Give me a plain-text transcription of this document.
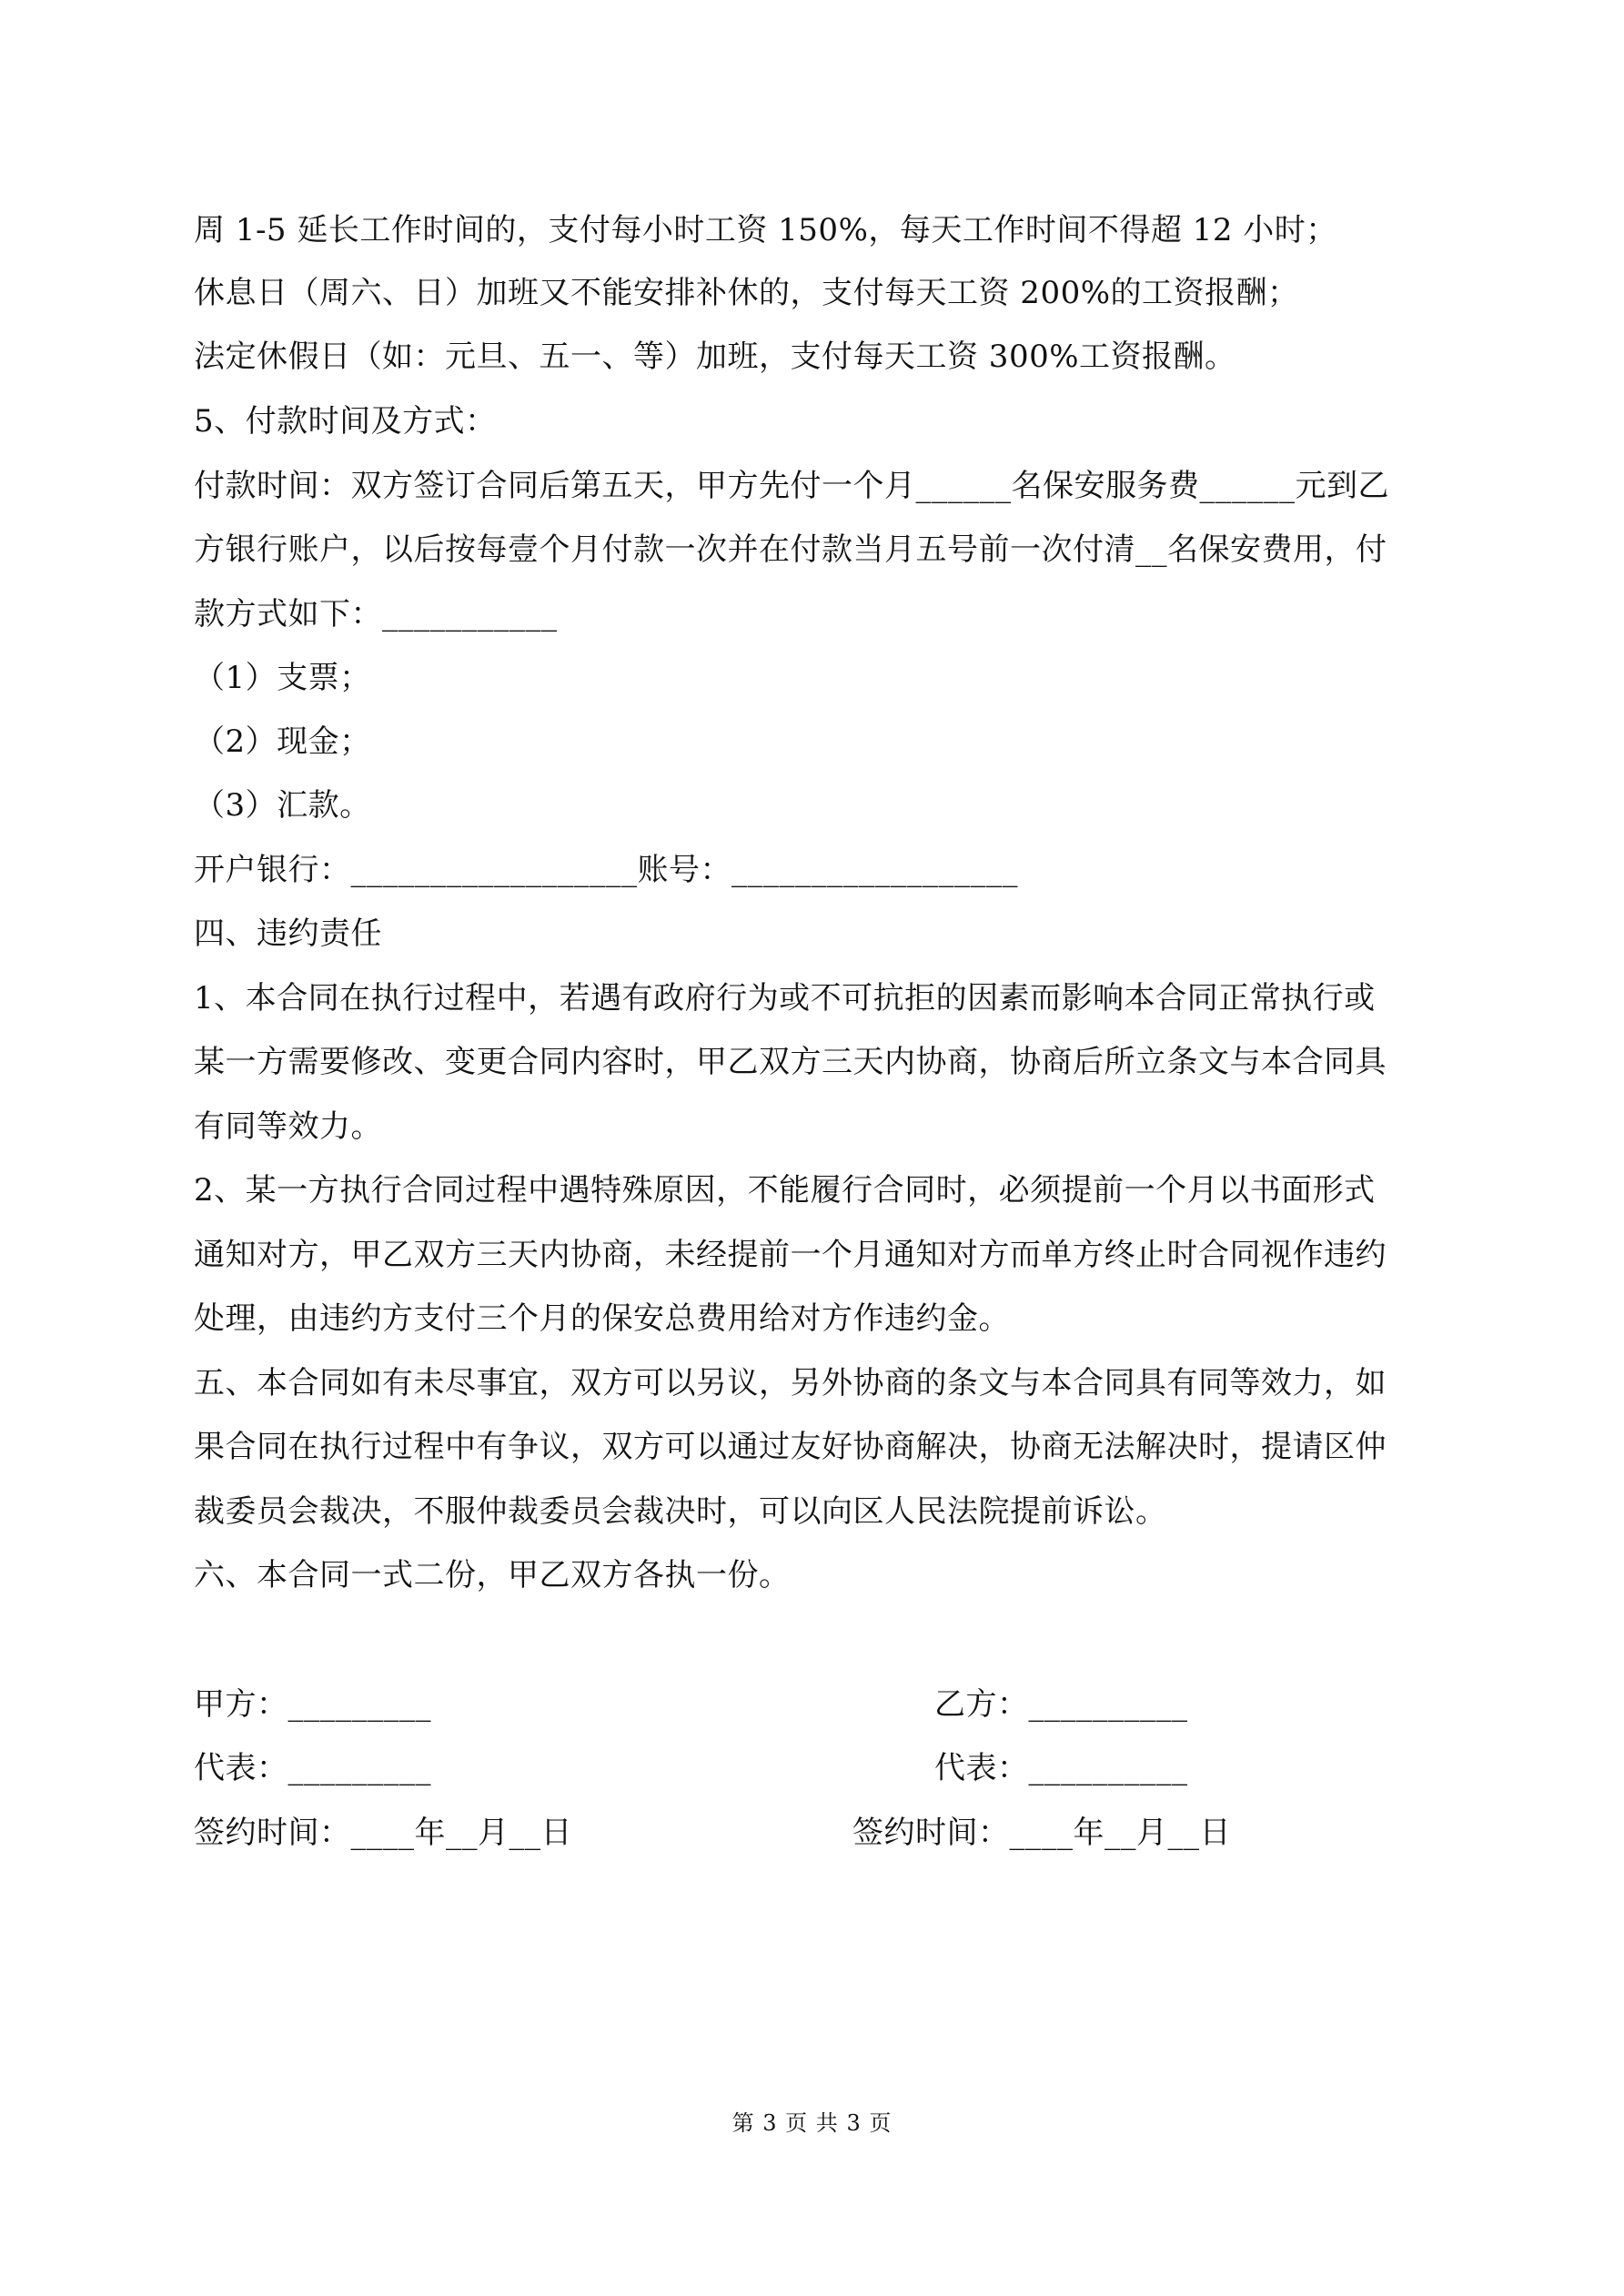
周 1-5 延长工作时间的，支付每小时工资 150%，每天工作时间不得超 12 小时；
休息日（周六、日）加班又不能安排补休的，支付每天工资 200%的工资报酬；
法定休假日（如：元旦、五一、等）加班，支付每天工资 300%工资报酬。
5、付款时间及方式：
付款时间：双方签订合同后第五天，甲方先付一个月______名保安服务费______元到乙
方银行账户，以后按每壹个月付款一次并在付款当月五号前一次付清__名保安费用，付
款方式如下：___________
（1）支票；
（2）现金；
（3）汇款。
开户银行：__________________账号：__________________
四、违约责任
1、本合同在执行过程中，若遇有政府行为或不可抗拒的因素而影响本合同正常执行或
某一方需要修改、变更合同内容时，甲乙双方三天内协商，协商后所立条文与本合同具
有同等效力。
2、某一方执行合同过程中遇特殊原因，不能履行合同时，必须提前一个月以书面形式
通知对方，甲乙双方三天内协商，未经提前一个月通知对方而单方终止时合同视作违约
处理，由违约方支付三个月的保安总费用给对方作违约金。
五、本合同如有未尽事宜，双方可以另议，另外协商的条文与本合同具有同等效力，如
果合同在执行过程中有争议，双方可以通过友好协商解决，协商无法解决时，提请区仲
裁委员会裁决，不服仲裁委员会裁决时，可以向区人民法院提前诉讼。
六、本合同一式二份，甲乙双方各执一份。
甲方：_________	乙方：__________
代表：_________	代表：__________
签约时间：____年__月__日	签约时间：____年__月__日
第 3 页 共 3 页
